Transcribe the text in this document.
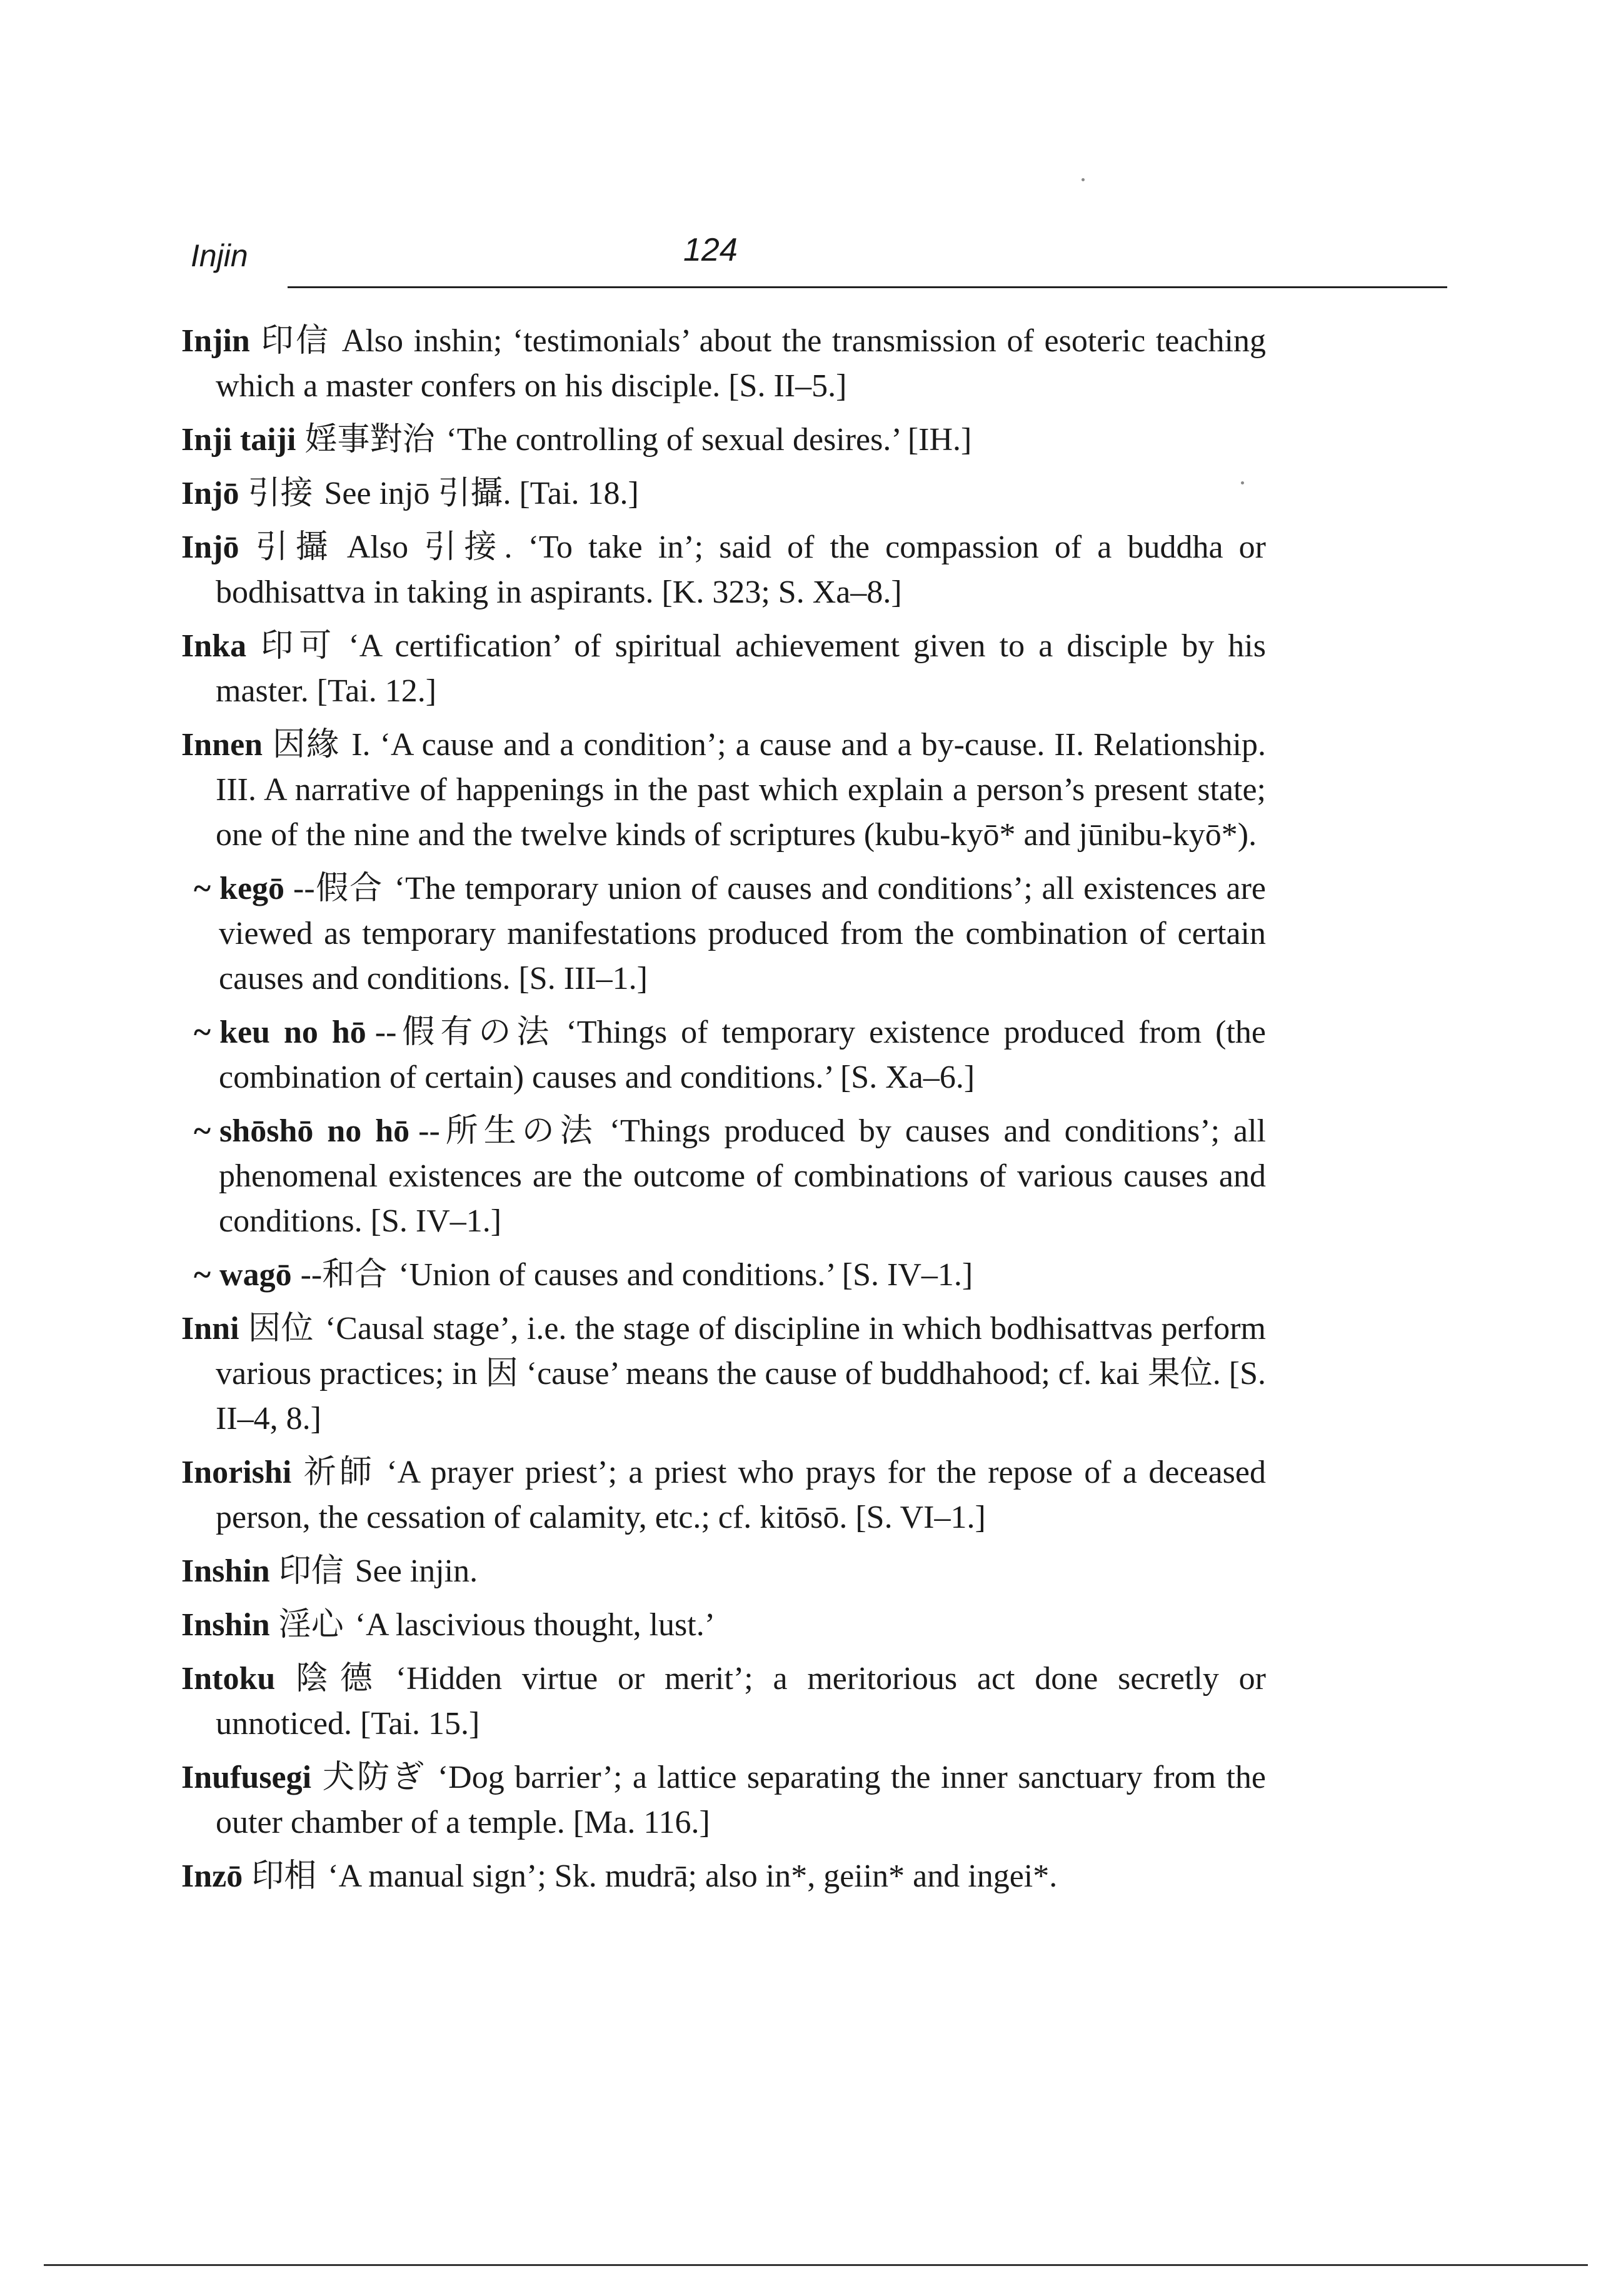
Injin	124
Injin 印信 Also inshin; ‘testimonials’ about the transmission of esoteric teaching which a master confers on his disciple. [S. II–5.]
Inji taiji 婬事對治 ‘The controlling of sexual desires.’ [IH.]
Injō 引接 See injō 引攝. [Tai. 18.]
Injō 引攝 Also 引接. ‘To take in’; said of the compassion of a buddha or bodhisattva in taking in aspirants. [K. 323; S. Xa–8.]
Inka 印可 ‘A certification’ of spiritual achievement given to a disciple by his master. [Tai. 12.]
Innen 因緣 I. ‘A cause and a condition’; a cause and a by-cause. II. Relationship. III. A narrative of happenings in the past which explain a person’s present state; one of the nine and the twelve kinds of scriptures (kubu-kyō* and jūnibu-kyō*).
~ kegō --假合 ‘The temporary union of causes and conditions’; all existences are viewed as temporary manifestations produced from the combination of certain causes and conditions. [S. III–1.]
~ keu no hō --假有の法 ‘Things of temporary existence produced from (the combination of certain) causes and conditions.’ [S. Xa–6.]
~ shōshō no hō --所生の法 ‘Things produced by causes and conditions’; all phenomenal existences are the outcome of combinations of various causes and conditions. [S. IV–1.]
~ wagō --和合 ‘Union of causes and conditions.’ [S. IV–1.]
Inni 因位 ‘Causal stage’, i.e. the stage of discipline in which bodhisattvas perform various practices; in 因 ‘cause’ means the cause of buddhahood; cf. kai 果位. [S. II–4, 8.]
Inorishi 祈師 ‘A prayer priest’; a priest who prays for the repose of a deceased person, the cessation of calamity, etc.; cf. kitōsō. [S. VI–1.]
Inshin 印信 See injin.
Inshin 淫心 ‘A lascivious thought, lust.’
Intoku 陰德 ‘Hidden virtue or merit’; a meritorious act done secretly or unnoticed. [Tai. 15.]
Inufusegi 犬防ぎ ‘Dog barrier’; a lattice separating the inner sanctuary from the outer chamber of a temple. [Ma. 116.]
Inzō 印相 ‘A manual sign’; Sk. mudrā; also in*, geiin* and ingei*.
